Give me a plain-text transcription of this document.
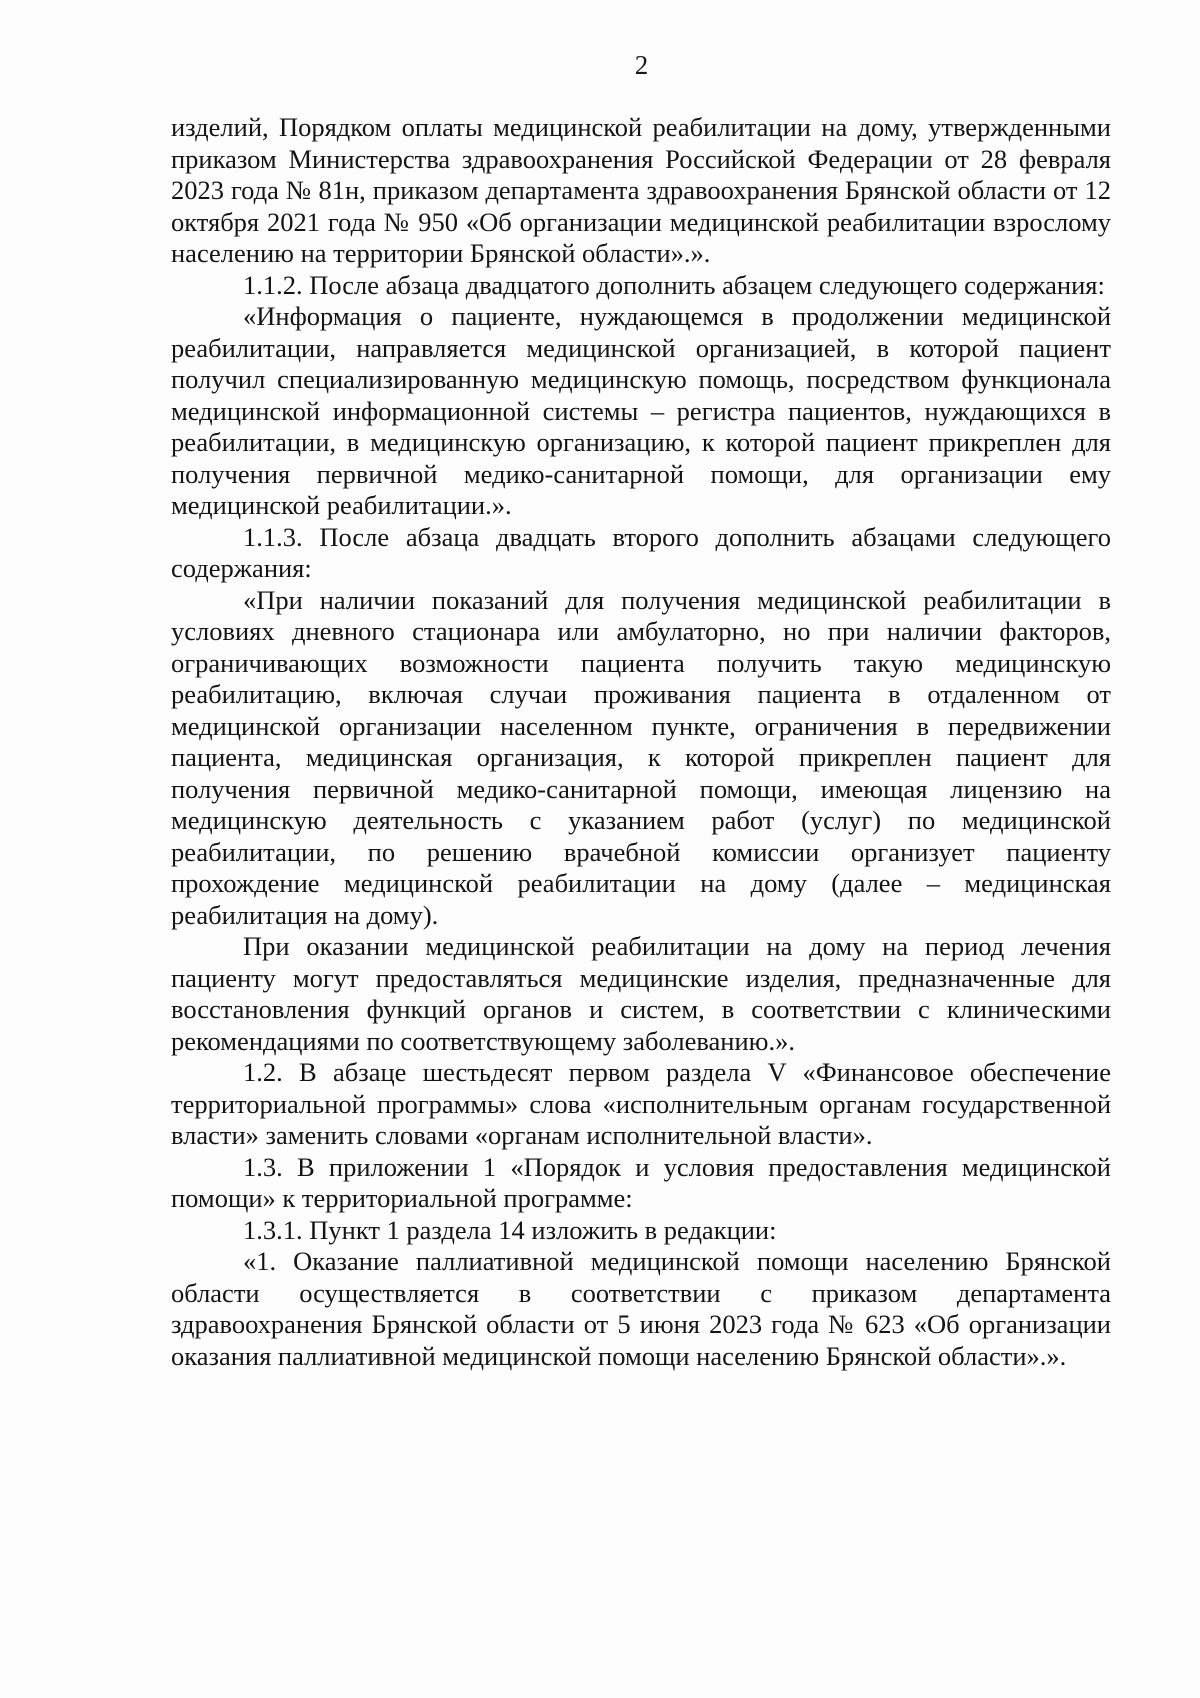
2

изделий, Порядком оплаты медицинской реабилитации на дому, утвержденными приказом Министерства здравоохранения Российской Федерации от 28 февраля 2023 года № 81н, приказом департамента здравоохранения Брянской области от 12 октября 2021 года № 950 «Об организации медицинской реабилитации взрослому населению на территории Брянской области».».

1.1.2. После абзаца двадцатого дополнить абзацем следующего содержания:

«Информация о пациенте, нуждающемся в продолжении медицинской реабилитации, направляется медицинской организацией, в которой пациент получил специализированную медицинскую помощь, посредством функционала медицинской информационной системы – регистра пациентов, нуждающихся в реабилитации, в медицинскую организацию, к которой пациент прикреплен для получения первичной медико-санитарной помощи, для организации ему медицинской реабилитации.».

1.1.3. После абзаца двадцать второго дополнить абзацами следующего содержания:

«При наличии показаний для получения медицинской реабилитации в условиях дневного стационара или амбулаторно, но при наличии факторов, ограничивающих возможности пациента получить такую медицинскую реабилитацию, включая случаи проживания пациента в отдаленном от медицинской организации населенном пункте, ограничения в передвижении пациента, медицинская организация, к которой прикреплен пациент для получения первичной медико-санитарной помощи, имеющая лицензию на медицинскую деятельность с указанием работ (услуг) по медицинской реабилитации, по решению врачебной комиссии организует пациенту прохождение медицинской реабилитации на дому (далее – медицинская реабилитация на дому).

При оказании медицинской реабилитации на дому на период лечения пациенту могут предоставляться медицинские изделия, предназначенные для восстановления функций органов и систем, в соответствии с клиническими рекомендациями по соответствующему заболеванию.».

1.2. В абзаце шестьдесят первом раздела V «Финансовое обеспечение территориальной программы» слова «исполнительным органам государственной власти» заменить словами «органам исполнительной власти».

1.3. В приложении 1 «Порядок и условия предоставления медицинской помощи» к территориальной программе:

1.3.1. Пункт 1 раздела 14 изложить в редакции:

«1. Оказание паллиативной медицинской помощи населению Брянской области осуществляется в соответствии с приказом департамента здравоохранения Брянской области от 5 июня 2023 года № 623 «Об организации оказания паллиативной медицинской помощи населению Брянской области».».
